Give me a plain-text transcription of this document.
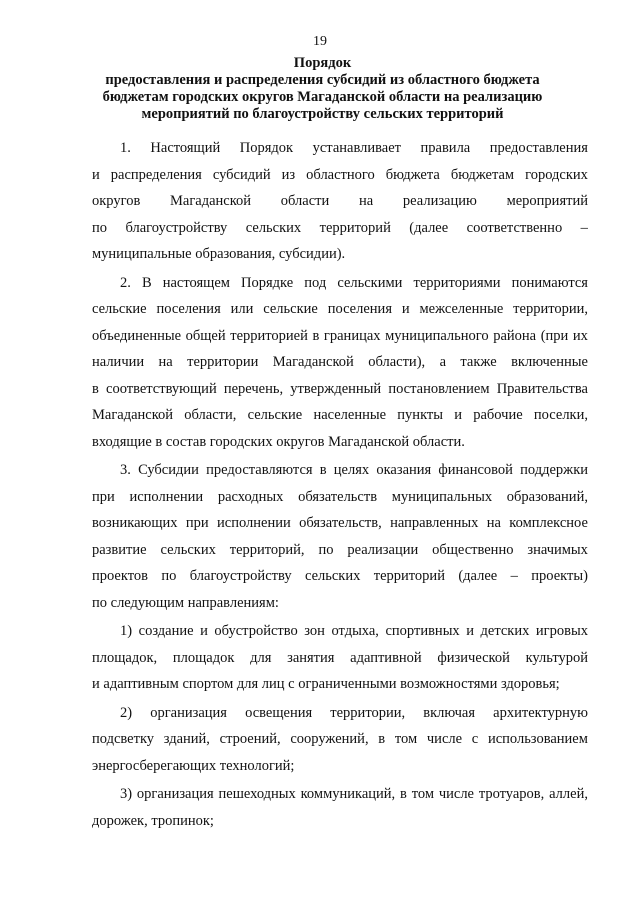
19
Порядок
предоставления и распределения субсидий из областного бюджета
бюджетам городских округов Магаданской области на реализацию
мероприятий по благоустройству сельских территорий
1. Настоящий Порядок устанавливает правила предоставления
и распределения субсидий из областного бюджета бюджетам городских
округов Магаданской области на реализацию мероприятий
по благоустройству сельских территорий (далее соответственно –
муниципальные образования, субсидии).
2. В настоящем Порядке под сельскими территориями понимаются
сельские поселения или сельские поселения и межселенные территории,
объединенные общей территорией в границах муниципального района (при их
наличии на территории Магаданской области), а также включенные
в соответствующий перечень, утвержденный постановлением Правительства
Магаданской области, сельские населенные пункты и рабочие поселки,
входящие в состав городских округов Магаданской области.
3. Субсидии предоставляются в целях оказания финансовой поддержки
при исполнении расходных обязательств муниципальных образований,
возникающих при исполнении обязательств, направленных на комплексное
развитие сельских территорий, по реализации общественно значимых
проектов по благоустройству сельских территорий (далее – проекты)
по следующим направлениям:
1) создание и обустройство зон отдыха, спортивных и детских игровых
площадок, площадок для занятия адаптивной физической культурой
и адаптивным спортом для лиц с ограниченными возможностями здоровья;
2) организация освещения территории, включая архитектурную
подсветку зданий, строений, сооружений, в том числе с использованием
энергосберегающих технологий;
3) организация пешеходных коммуникаций, в том числе тротуаров, аллей,
дорожек, тропинок;
